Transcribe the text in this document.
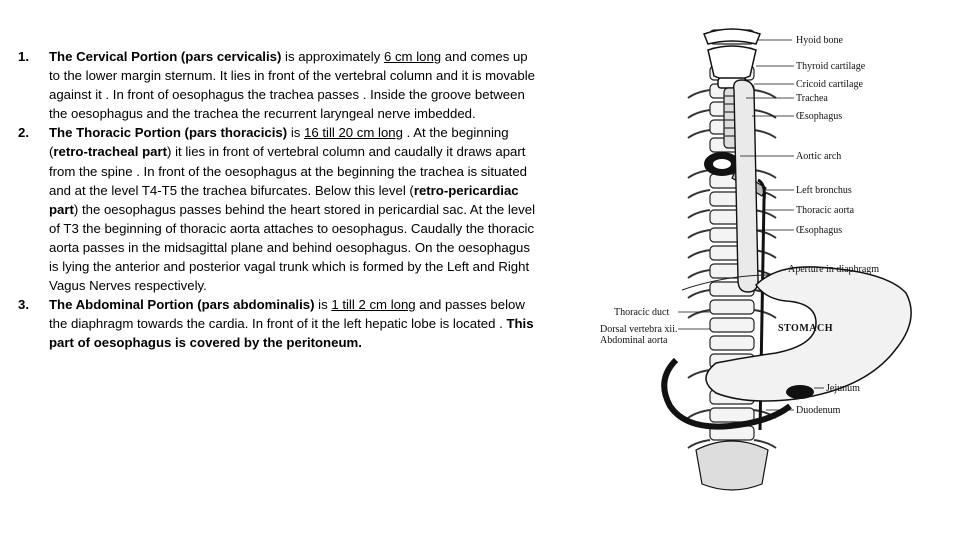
1. The Cervical Portion (pars cervicalis) is approximately 6 cm long and comes up to the lower margin sternum. It lies in front of the vertebral column and it is movable against it . In front of oesophagus the trachea passes . Inside the groove between the oesophagus and the trachea the recurrent laryngeal nerve imbedded.
2. The Thoracic Portion (pars thoracicis) is 16 till 20 cm long . At the beginning (retro-tracheal part) it lies in front of vertebral column and caudally it draws apart from the spine . In front of the oesophagus at the beginning the trachea is situated and at the level T4-T5 the trachea bifurcates. Below this level (retro-pericardiac part) the oesophagus passes behind the heart stored in pericardial sac. At the level of T3 the beginning of thoracic aorta attaches to oesophagus. Caudally the thoracic aorta passes in the midsagittal plane and behind oesophagus. On the oesophagus is lying the anterior and posterior vagal trunk which is formed by the Left and Right Vagus Nerves respectively.
3. The Abdominal Portion (pars abdominalis) is 1 till 2 cm long and passes below the diaphragm towards the cardia. In front of it the left hepatic lobe is located . This part of oesophagus is covered by the peritoneum.
Hyoid bone
Thyroid cartilage
Cricoid cartilage
Trachea
Œsophagus
Aortic arch
Left bronchus
Thoracic aorta
Œsophagus
Aperture in diaphragm
Thoracic duct
Dorsal vertebra xii.
Abdominal aorta
STOMACH
Jejunum
Duodenum
